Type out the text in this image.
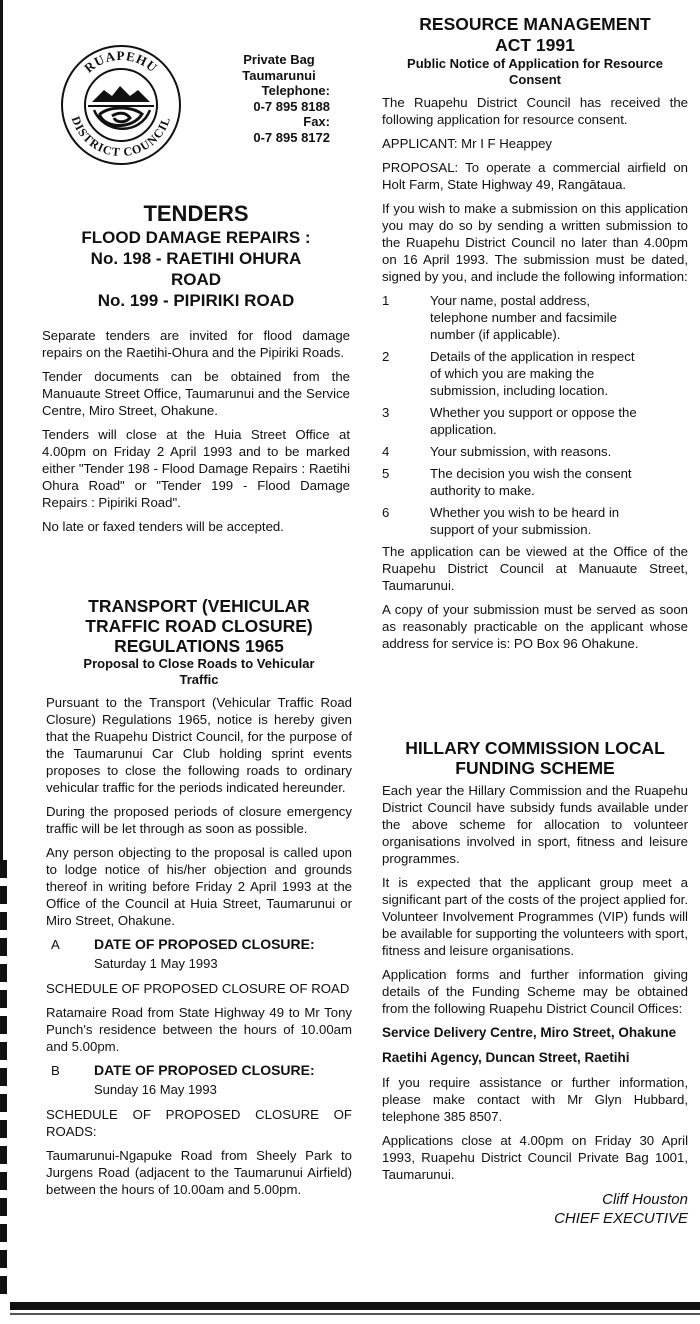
RUAPEHU
DISTRICT COUNCIL
Private Bag
Taumarunui
Telephone:
0-7 895 8188
Fax:
0-7 895 8172
TENDERS
FLOOD DAMAGE REPAIRS :
No. 198 - RAETIHI OHURA
ROAD
No. 199 - PIPIRIKI ROAD

Separate tenders are invited for flood damage repairs on the Raetihi-Ohura and the Pipiriki Roads.

Tender documents can be obtained from the Manuaute Street Office, Taumarunui and the Service Centre, Miro Street, Ohakune.

Tenders will close at the Huia Street Office at 4.00pm on Friday 2 April 1993 and to be marked either "Tender 198 - Flood Damage Repairs : Raetihi Ohura Road" or "Tender 199 - Flood Damage Repairs : Pipiriki Road".

No late or faxed tenders will be accepted.

TRANSPORT (VEHICULAR
TRAFFIC ROAD CLOSURE)
REGULATIONS 1965
Proposal to Close Roads to Vehicular
Traffic

Pursuant to the Transport (Vehicular Traffic Road Closure) Regulations 1965, notice is hereby given that the Ruapehu District Council, for the purpose of the Taumarunui Car Club holding sprint events proposes to close the following roads to ordinary vehicular traffic for the periods indicated hereunder.

During the proposed periods of closure emergency traffic will be let through as soon as possible.

Any person objecting to the proposal is called upon to lodge notice of his/her objection and grounds thereof in writing before Friday 2 April 1993 at the Office of the Council at Huia Street, Taumarunui or Miro Street, Ohakune.

A	DATE OF PROPOSED CLOSURE:
Saturday 1 May 1993

SCHEDULE OF PROPOSED CLOSURE OF ROAD

Ratamaire Road from State Highway 49 to Mr Tony Punch's residence between the hours of 10.00am and 5.00pm.

B	DATE OF PROPOSED CLOSURE:
Sunday 16 May 1993

SCHEDULE OF PROPOSED CLOSURE OF ROADS:

Taumarunui-Ngapuke Road from Sheely Park to Jurgens Road (adjacent to the Taumarunui Airfield) between the hours of 10.00am and 5.00pm.

RESOURCE MANAGEMENT
ACT 1991
Public Notice of Application for Resource
Consent

The Ruapehu District Council has received the following application for resource consent.

APPLICANT: Mr I F Heappey

PROPOSAL: To operate a commercial airfield on Holt Farm, State Highway 49, Rangātaua.

If you wish to make a submission on this application you may do so by sending a written submission to the Ruapehu District Council no later than 4.00pm on 16 April 1993. The submission must be dated, signed by you, and include the following information:

1	Your name, postal address, telephone number and facsimile number (if applicable).
2	Details of the application in respect of which you are making the submission, including location.
3	Whether you support or oppose the application.
4	Your submission, with reasons.
5	The decision you wish the consent authority to make.
6	Whether you wish to be heard in support of your submission.

The application can be viewed at the Office of the Ruapehu District Council at Manuaute Street, Taumarunui.

A copy of your submission must be served as soon as reasonably practicable on the applicant whose address for service is: PO Box 96 Ohakune.

HILLARY COMMISSION LOCAL
FUNDING SCHEME

Each year the Hillary Commission and the Ruapehu District Council have subsidy funds available under the above scheme for allocation to volunteer organisations involved in sport, fitness and leisure programmes.

It is expected that the applicant group meet a significant part of the costs of the project applied for. Volunteer Involvement Programmes (VIP) funds will be available for supporting the volunteers with sport, fitness and leisure organisations.

Application forms and further information giving details of the Funding Scheme may be obtained from the following Ruapehu District Council Offices:

Service Delivery Centre, Miro Street, Ohakune
Raetihi Agency, Duncan Street, Raetihi

If you require assistance or further information, please make contact with Mr Glyn Hubbard, telephone 385 8507.

Applications close at 4.00pm on Friday 30 April 1993, Ruapehu District Council Private Bag 1001, Taumarunui.

Cliff Houston

CHIEF EXECUTIVE
